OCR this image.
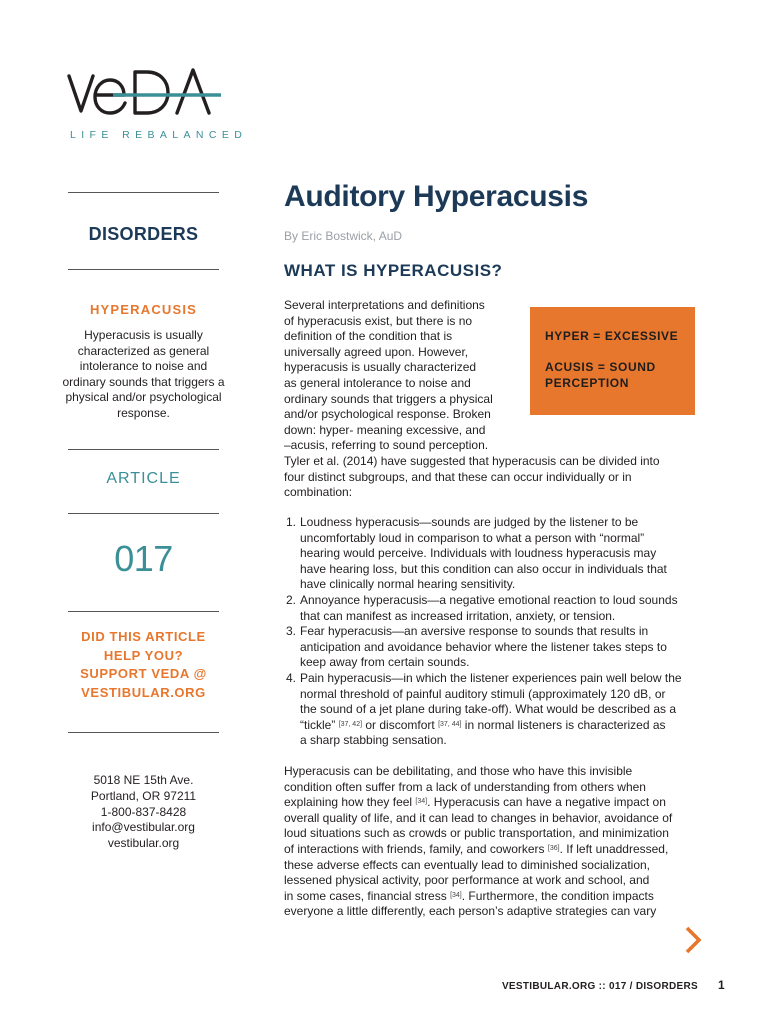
LIFE REBALANCED
DISORDERS
HYPERACUSIS
Hyperacusis is usually characterized as general intolerance to noise and ordinary sounds that triggers a physical and/or psychological response.
ARTICLE
017
DID THIS ARTICLE
HELP YOU?
SUPPORT VEDA @
VESTIBULAR.ORG
5018 NE 15th Ave.
Portland, OR 97211
1-800-837-8428
info@vestibular.org
vestibular.org
Auditory Hyperacusis
By Eric Bostwick, AuD
WHAT IS HYPERACUSIS?
Several interpretations and definitions
of hyperacusis exist, but there is no
definition of the condition that is
universally agreed upon. However,
hyperacusis is usually characterized
as general intolerance to noise and
ordinary sounds that triggers a physical
and/or psychological response. Broken
down: hyper- meaning excessive, and
–acusis, referring to sound perception.
HYPER = EXCESSIVE
ACUSIS = SOUND
PERCEPTION
Tyler et al. (2014) have suggested that hyperacusis can be divided into
four distinct subgroups, and that these can occur individually or in
combination:
1. Loudness hyperacusis—sounds are judged by the listener to be
uncomfortably loud in comparison to what a person with “normal”
hearing would perceive. Individuals with loudness hyperacusis may
have hearing loss, but this condition can also occur in individuals that
have clinically normal hearing sensitivity.
2. Annoyance hyperacusis—a negative emotional reaction to loud sounds
that can manifest as increased irritation, anxiety, or tension.
3. Fear hyperacusis—an aversive response to sounds that results in
anticipation and avoidance behavior where the listener takes steps to
keep away from certain sounds.
4. Pain hyperacusis—in which the listener experiences pain well below the
normal threshold of painful auditory stimuli (approximately 120 dB, or
the sound of a jet plane during take-off). What would be described as a
“tickle” [37, 42] or discomfort [37, 44] in normal listeners is characterized as
a sharp stabbing sensation.
Hyperacusis can be debilitating, and those who have this invisible
condition often suffer from a lack of understanding from others when
explaining how they feel [34]. Hyperacusis can have a negative impact on
overall quality of life, and it can lead to changes in behavior, avoidance of
loud situations such as crowds or public transportation, and minimization
of interactions with friends, family, and coworkers [36]. If left unaddressed,
these adverse effects can eventually lead to diminished socialization,
lessened physical activity, poor performance at work and school, and
in some cases, financial stress [34]. Furthermore, the condition impacts
everyone a little differently, each person’s adaptive strategies can vary
VESTIBULAR.ORG :: 017 / DISORDERS 1
